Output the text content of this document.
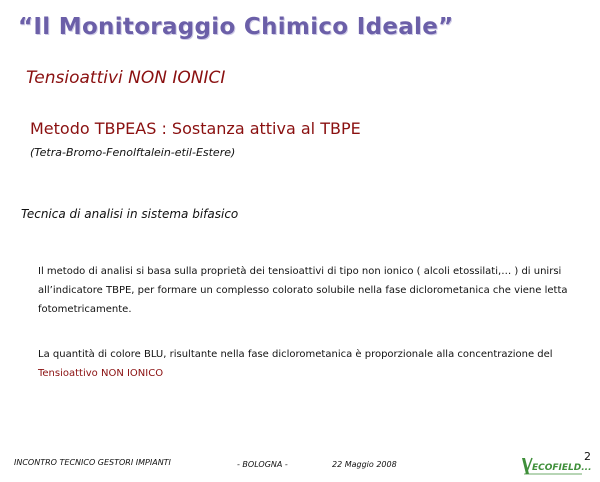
“Il Monitoraggio Chimico Ideale”
Tensioattivi NON IONICI
Metodo TBPEAS : Sostanza attiva al TBPE
(Tetra-Bromo-Fenolftalein-etil-Estere)
Tecnica di analisi in sistema bifasico
Il metodo di analisi si basa sulla proprietà dei tensioattivi di tipo non ionico ( alcoli etossilati,… ) di unirsi all’indicatore TBPE, per formare un complesso colorato solubile nella fase diclorometanica che viene letta fotometricamente.
La quantità di colore BLU, risultante nella fase diclorometanica è proporzionale alla concentrazione del
Tensioattivo NON IONICO
INCONTRO TECNICO GESTORI IMPIANTI	- BOLOGNA -	22 Maggio 2008	ECOFIELD...
2
